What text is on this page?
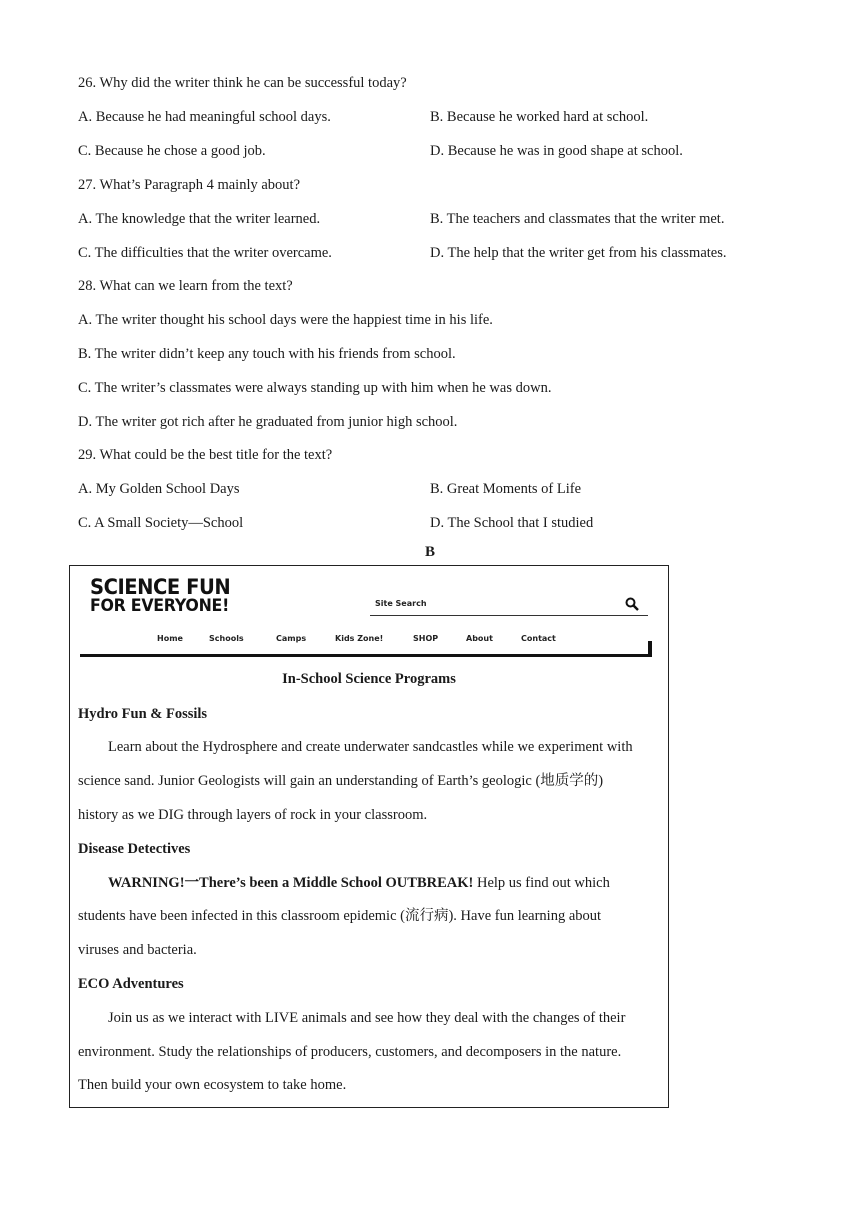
26. Why did the writer think he can be successful today?
A. Because he had meaningful school days.	B. Because he worked hard at school.
C. Because he chose a good job.	D. Because he was in good shape at school.
27. What’s Paragraph 4 mainly about?
A. The knowledge that the writer learned.	B. The teachers and classmates that the writer met.
C. The difficulties that the writer overcame.	D. The help that the writer get from his classmates.
28. What can we learn from the text?
A. The writer thought his school days were the happiest time in his life.
B. The writer didn’t keep any touch with his friends from school.
C. The writer’s classmates were always standing up with him when he was down.
D. The writer got rich after he graduated from junior high school.
29. What could be the best title for the text?
A. My Golden School Days	B. Great Moments of Life
C. A Small Society—School	D. The School that I studied
B
SCIENCE FUN
FOR EVERYONE!	Site Search
Home	Schools	Camps	Kids Zone!	SHOP	About	Contact
In-School Science Programs
Hydro Fun & Fossils
Learn about the Hydrosphere and create underwater sandcastles while we experiment with
science sand. Junior Geologists will gain an understanding of Earth’s geologic (地质学的)
history as we DIG through layers of rock in your classroom.
Disease Detectives
WARNING!一There’s been a Middle School OUTBREAK! Help us find out which
students have been infected in this classroom epidemic (流行病). Have fun learning about
viruses and bacteria.
ECO Adventures
Join us as we interact with LIVE animals and see how they deal with the changes of their
environment. Study the relationships of producers, customers, and decomposers in the nature.
Then build your own ecosystem to take home.
